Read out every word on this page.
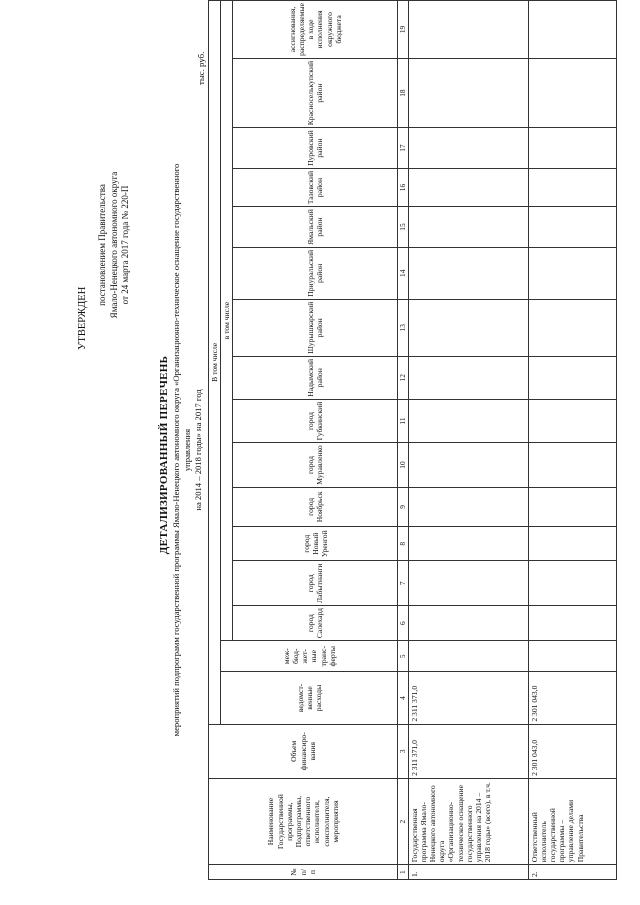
УТВЕРЖДЕН
постановлением Правительства Ямало-Ненецкого автономного округа от 24 марта 2017 года № 220-П
ДЕТАЛИЗИРОВАННЫЙ ПЕРЕЧЕНЬ мероприятий подпрограмм государственной программы Ямало-Ненецкого автономного округа «Организационно-техническое оснащение государственного управления на 2014 – 2018 годы» на 2017 год
тыс. руб.
№ п/п	Наименование Государственной программы, Подпрограммы, ответственного исполнителя, соисполнителя, мероприятия	Объем финансиро-вания	В том числе															
			ведомст-венные расходы	меж-бюд-жет-ные транс-ферты	в том числе													
					город Салехард	город Лабытнанги	город Новый Уренгой	город Ноябрьск	город Муравленко	город Губкинский	Надымский район	Шурышкарский район	Приуральский район	Ямальский район	Тазовский район	Пуровский район	Красноселькупский район	ассигнования, распределяемые в ходе исполнения окружного бюджета
1	2	3	4	5	6	7	8	9	10	11	12	13	14	15	16	17	18	19
1.	Государственная программа Ямало-Ненецкого автономного округа «Организационно-техническое оснащение государственного управления на 2014 – 2018 годы» (всего), в т.ч.	2 311 371,0	2 311 371,0															
2.	Ответственный исполнитель государственной программы – управление делами Правительства	2 301 043,0	2 301 043,0															
